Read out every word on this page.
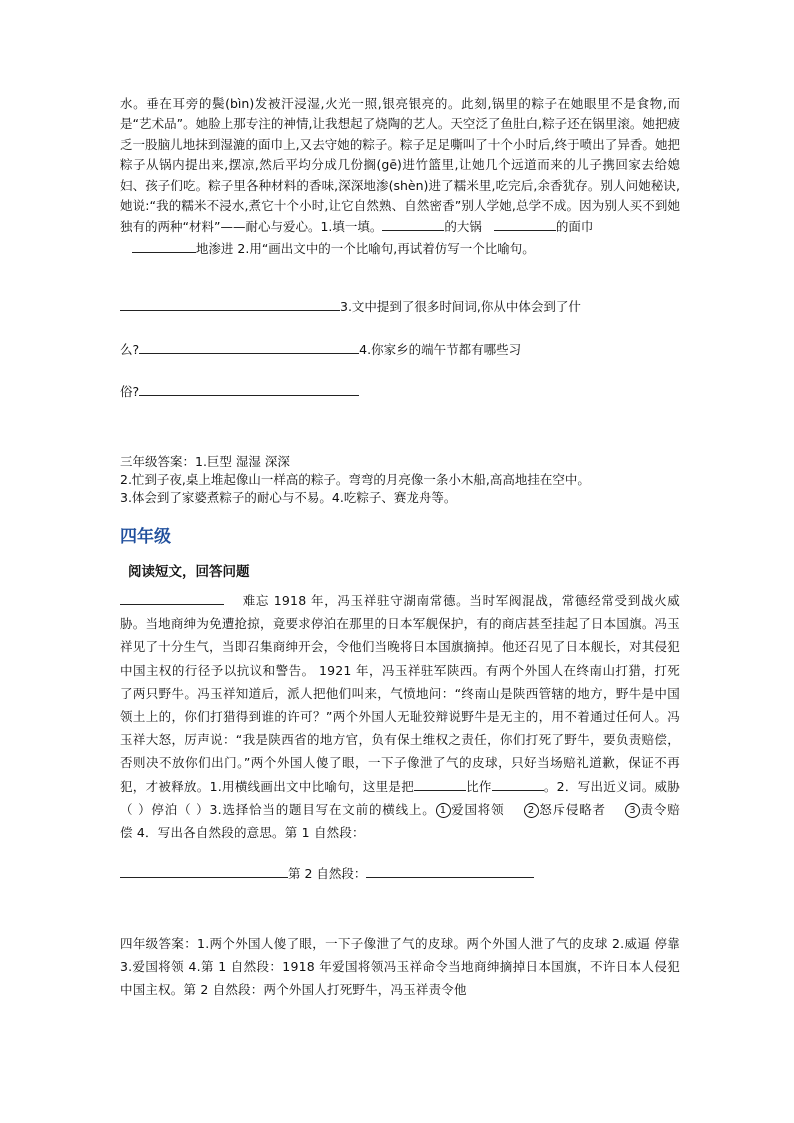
水。垂在耳旁的鬓(bìn)发被汗浸湿,火光一照,银亮银亮的。此刻,锅里的粽子在她眼里不是食物,而是“艺术品”。她脸上那专注的神情,让我想起了烧陶的艺人。天空泛了鱼肚白,粽子还在锅里滚。她把疲乏一股脑儿地抹到湿漉的面巾上,又去守她的粽子。粽子足足嘶叫了十个小时后,终于喷出了异香。她把粽子从锅内提出来,摆凉,然后平均分成几份搁(gē)进竹篮里,让她几个远道而来的儿子携回家去给媳妇、孩子们吃。粽子里各种材料的香味,深深地渗(shèn)进了糯米里,吃完后,余香犹存。别人问她秘诀,她说:“我的糯米不浸水,煮它十个小时,让它自然熟、自然密香”别人学她,总学不成。因为别人买不到她独有的两种“材料”——耐心与爱心。1.填一填。	的大锅	的面巾
地渗进 2.用“画出文中的一个比喻句,再试着仿写一个比喻句。
3.文中提到了很多时间词,你从中体会到了什
么?	4.你家乡的端午节都有哪些习
俗?
三年级答案：1.巨型 湿湿 深深
2.忙到子夜,桌上堆起像山一样高的粽子。弯弯的月亮像一条小木船,高高地挂在空中。
3.体会到了家婆煮粽子的耐心与不易。4.吃粽子、赛龙舟等。
四年级
阅读短文，回答问题
难忘 1918 年，冯玉祥驻守湖南常德。当时军阀混战，常德经常受到战火威胁。当地商绅为免遭抢掠，竟要求停泊在那里的日本军舰保护，有的商店甚至挂起了日本国旗。冯玉祥见了十分生气，当即召集商绅开会，令他们当晚将日本国旗摘掉。他还召见了日本舰长，对其侵犯中国主权的行径予以抗议和警告。 1921 年，冯玉祥驻军陕西。有两个外国人在终南山打猎，打死了两只野牛。冯玉祥知道后，派人把他们叫来，气愤地问：“终南山是陕西管辖的地方，野牛是中国领土上的，你们打猎得到谁的许可？”两个外国人无耻狡辩说野牛是无主的，用不着通过任何人。冯玉祥大怒，厉声说：“我是陕西省的地方官，负有保土维权之责任，你们打死了野牛，要负责赔偿，否则决不放你们出门。”两个外国人傻了眼，一下子像泄了气的皮球，只好当场赔礼道歉，保证不再犯，才被释放。1.用横线画出文中比喻句，这里是把	比作	。2．写出近义词。威胁（ ）停泊（ ）3.选择恰当的题目写在文前的横线上。 1 爱国将领 2 怒斥侵略者 3 责令赔偿 4．写出各自然段的意思。第 1 自然段：
第 2 自然段：
四年级答案：1.两个外国人傻了眼，一下子像泄了气的皮球。两个外国人泄了气的皮球 2.威逼 停靠 3.爱国将领 4.第 1 自然段：1918 年爱国将领冯玉祥命令当地商绅摘掉日本国旗，不许日本人侵犯中国主权。第 2 自然段：两个外国人打死野牛，冯玉祥责令他
